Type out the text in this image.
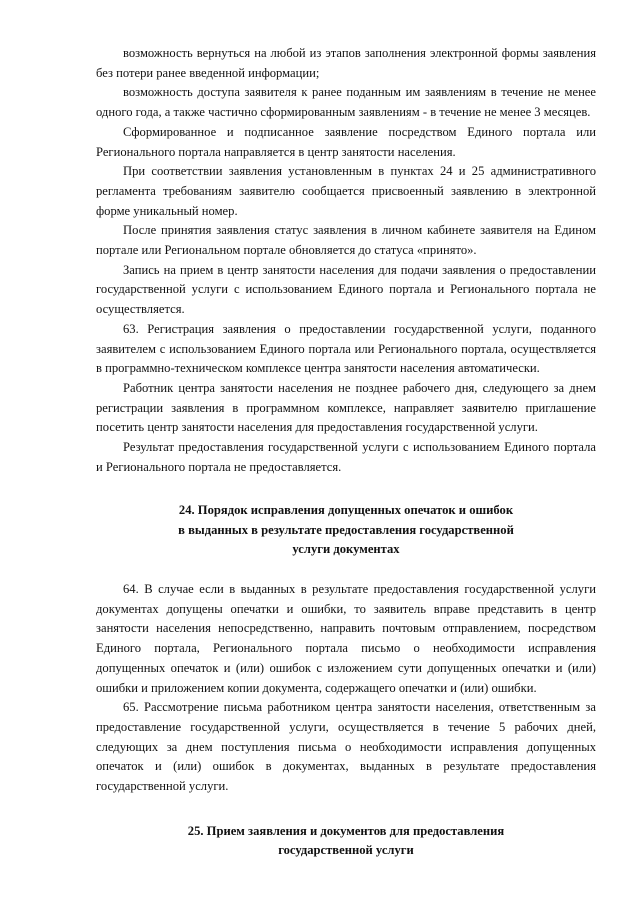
возможность вернуться на любой из этапов заполнения электронной формы заявления без потери ранее введенной информации;

возможность доступа заявителя к ранее поданным им заявлениям в течение не менее одного года, а также частично сформированным заявлениям - в течение не менее 3 месяцев.

Сформированное и подписанное заявление посредством Единого портала или Регионального портала направляется в центр занятости населения.

При соответствии заявления установленным в пунктах 24 и 25 административного регламента требованиям заявителю сообщается присвоенный заявлению в электронной форме уникальный номер.

После принятия заявления статус заявления в личном кабинете заявителя на Едином портале или Региональном портале обновляется до статуса «принято».

Запись на прием в центр занятости населения для подачи заявления о предоставлении государственной услуги с использованием Единого портала и Регионального портала не осуществляется.

63. Регистрация заявления о предоставлении государственной услуги, поданного заявителем с использованием Единого портала или Регионального портала, осуществляется в программно-техническом комплексе центра занятости населения автоматически.

Работник центра занятости населения не позднее рабочего дня, следующего за днем регистрации заявления в программном комплексе, направляет заявителю приглашение посетить центр занятости населения для предоставления государственной услуги.

Результат предоставления государственной услуги с использованием Единого портала и Регионального портала не предоставляется.

24. Порядок исправления допущенных опечаток и ошибок
в выданных в результате предоставления государственной
услуги документах

64. В случае если в выданных в результате предоставления государственной услуги документах допущены опечатки и ошибки, то заявитель вправе представить в центр занятости населения непосредственно, направить почтовым отправлением, посредством Единого портала, Регионального портала письмо о необходимости исправления допущенных опечаток и (или) ошибок с изложением сути допущенных опечатки и (или) ошибки и приложением копии документа, содержащего опечатки и (или) ошибки.

65. Рассмотрение письма работником центра занятости населения, ответственным за предоставление государственной услуги, осуществляется в течение 5 рабочих дней, следующих за днем поступления письма о необходимости исправления допущенных опечаток и (или) ошибок в документах, выданных в результате предоставления государственной услуги.

25. Прием заявления и документов для предоставления
государственной услуги
